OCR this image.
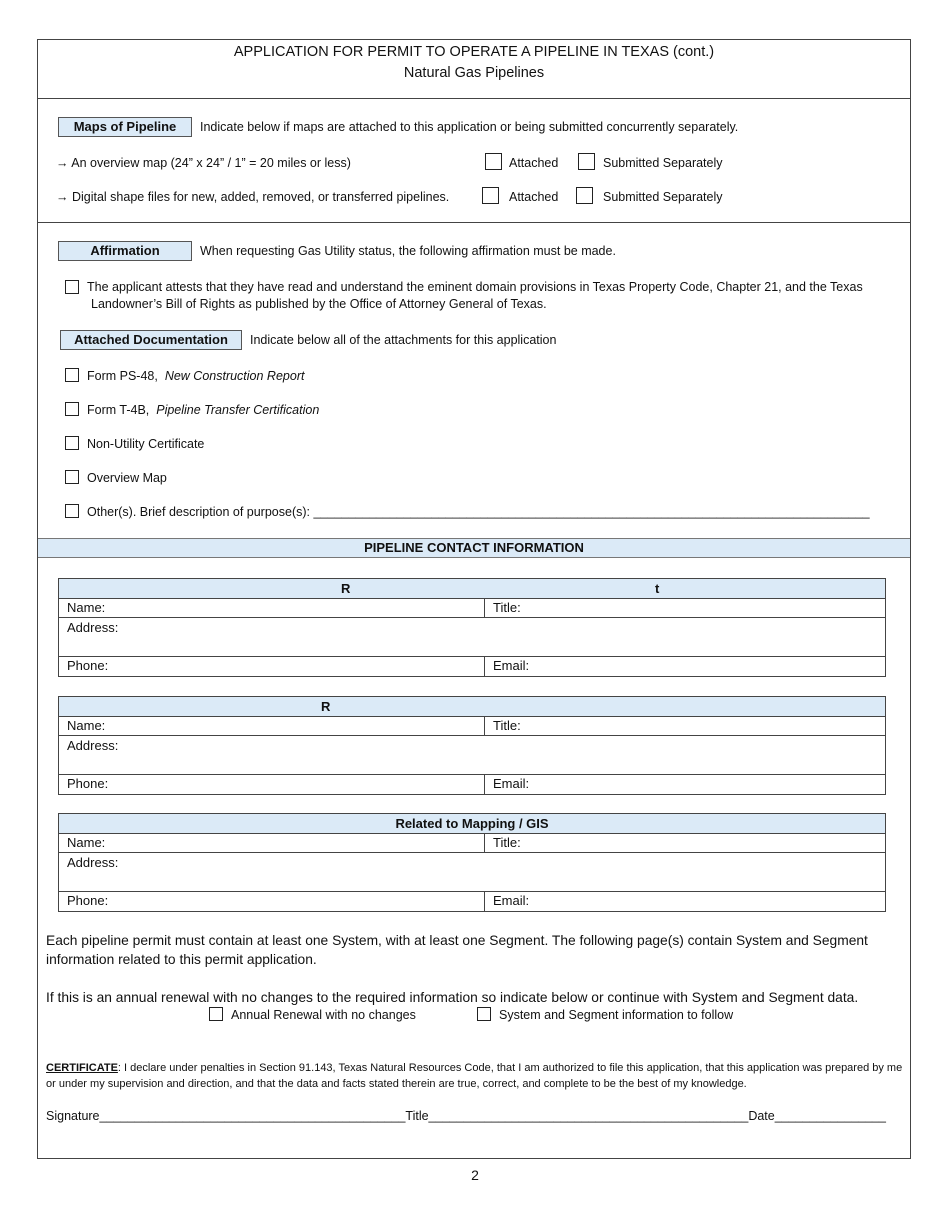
APPLICATION FOR PERMIT TO OPERATE A PIPELINE IN TEXAS (cont.)
Natural Gas Pipelines
Maps of Pipeline	Indicate below if maps are attached to this application or being submitted concurrently separately.
→ An overview map (24” x 24” / 1” = 20 miles or less)	Attached	Submitted Separately
→ Digital shape files for new, added, removed, or transferred pipelines.	Attached	Submitted Separately
Affirmation	When requesting Gas Utility status, the following affirmation must be made.
The applicant attests that they have read and understand the eminent domain provisions in Texas Property Code, Chapter 21, and the Texas
Landowner’s Bill of Rights as published by the Office of Attorney General of Texas.
Attached Documentation	Indicate below all of the attachments for this application
Form PS-48, New Construction Report
Form T-4B, Pipeline Transfer Certification
Non-Utility Certificate
Overview Map
Other(s). Brief description of purpose(s): ________________________________________________________________________________
PIPELINE CONTACT INFORMATION
R	t
Name:	Title:
Address:
Phone:	Email:
R
Name:	Title:
Address:
Phone:	Email:
Related to Mapping / GIS
Name:	Title:
Address:
Phone:	Email:
Each pipeline permit must contain at least one System, with at least one Segment. The following page(s) contain System and Segment
information related to this permit application.
If this is an annual renewal with no changes to the required information so indicate below or continue with System and Segment data.
Annual Renewal with no changes	System and Segment information to follow
CERTIFICATE: I declare under penalties in Section 91.143, Texas Natural Resources Code, that I am authorized to file this application, that this application was prepared by me or under my supervision and direction, and that the data and facts stated therein are true, correct, and complete to be the best of my knowledge.
Signature____________________________________________Title______________________________________________Date________________
2
